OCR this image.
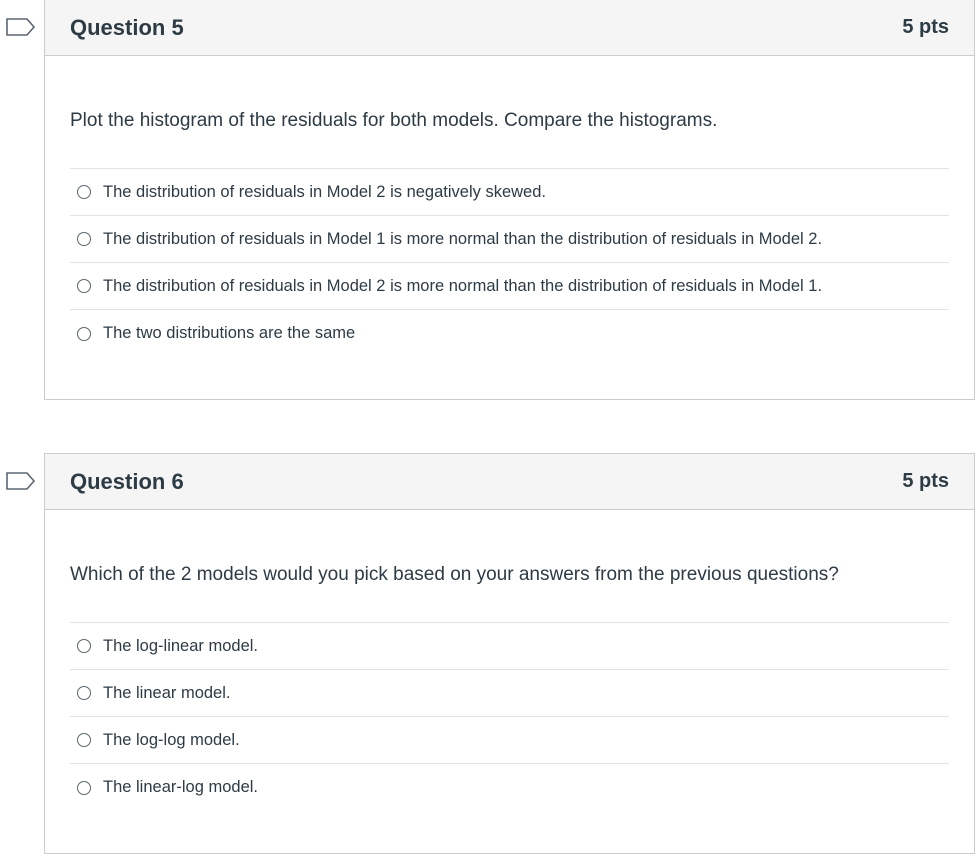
Question 5	5 pts

Plot the histogram of the residuals for both models. Compare the histograms.

The distribution of residuals in Model 2 is negatively skewed.
The distribution of residuals in Model 1 is more normal than the distribution of residuals in Model 2.
The distribution of residuals in Model 2 is more normal than the distribution of residuals in Model 1.
The two distributions are the same
Question 6	5 pts

Which of the 2 models would you pick based on your answers from the previous questions?

The log-linear model.
The linear model.
The log-log model.
The linear-log model.
